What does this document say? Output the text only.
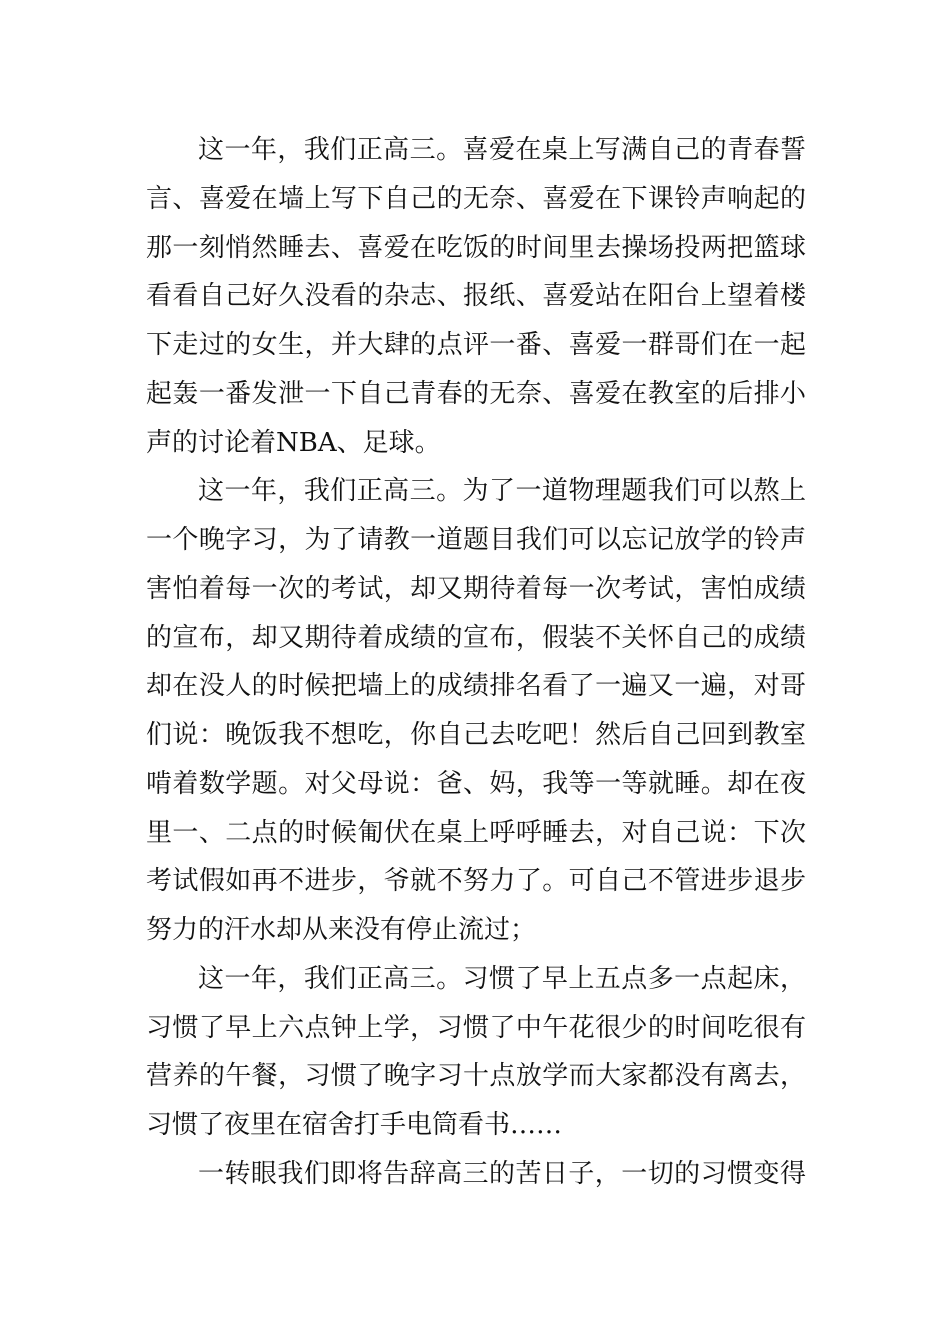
这一年，我们正高三。喜爱在桌上写满自己的青春誓
言、喜爱在墙上写下自己的无奈、喜爱在下课铃声响起的
那一刻悄然睡去、喜爱在吃饭的时间里去操场投两把篮球
看看自己好久没看的杂志、报纸、喜爱站在阳台上望着楼
下走过的女生，并大肆的点评一番、喜爱一群哥们在一起
起轰一番发泄一下自己青春的无奈、喜爱在教室的后排小
声的讨论着NBA、足球。
这一年，我们正高三。为了一道物理题我们可以熬上
一个晚字习，为了请教一道题目我们可以忘记放学的铃声
害怕着每一次的考试，却又期待着每一次考试，害怕成绩
的宣布，却又期待着成绩的宣布，假装不关怀自己的成绩
却在没人的时候把墙上的成绩排名看了一遍又一遍，对哥
们说：晚饭我不想吃，你自己去吃吧！然后自己回到教室
啃着数学题。对父母说：爸、妈，我等一等就睡。却在夜
里一、二点的时候匍伏在桌上呼呼睡去，对自己说：下次
考试假如再不进步，爷就不努力了。可自己不管进步退步
努力的汗水却从来没有停止流过；
这一年，我们正高三。习惯了早上五点多一点起床，
习惯了早上六点钟上学，习惯了中午花很少的时间吃很有
营养的午餐，习惯了晚字习十点放学而大家都没有离去，
习惯了夜里在宿舍打手电筒看书……
一转眼我们即将告辞高三的苦日子，一切的习惯变得
